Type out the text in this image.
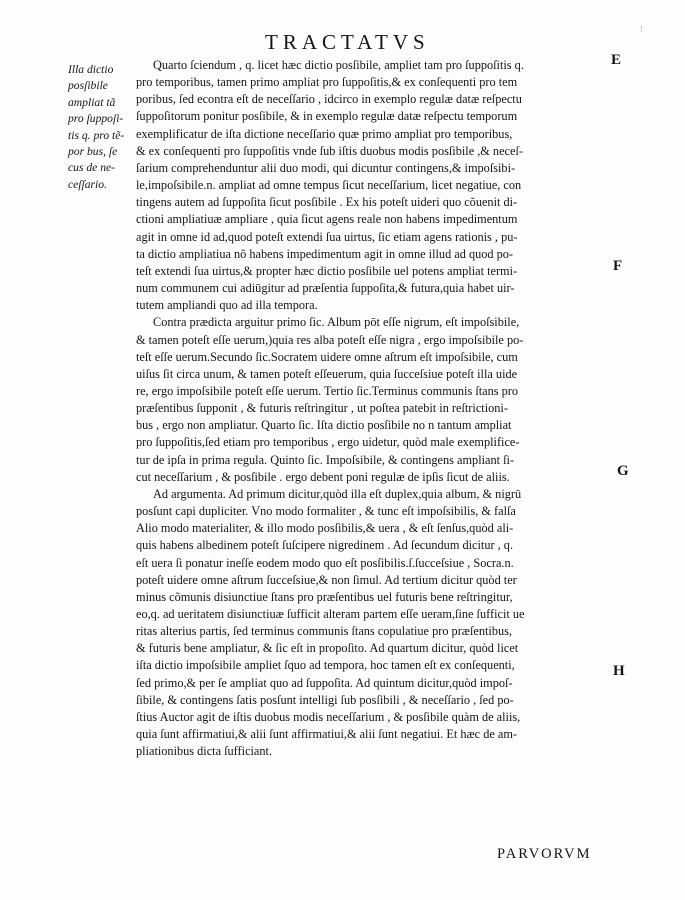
⁝
TRACTATVS
Illa dictio
posſibile
ampliat tã
pro ſuppoſi-
tis q. pro tẽ-
por bus, ſe
cus de ne-
ceſſario.
Quarto ſciendum , q. licet hæc dictio posſibile, ampliet tam pro ſuppoſitis q.
pro temporibus, tamen primo ampliat pro ſuppoſitis,& ex conſequenti pro tem
poribus, ſed econtra eſt de neceſſario , idcirco in exemplo regulæ datæ reſpectu
ſuppoſitorum ponitur posſibile, & in exemplo regulæ datæ reſpectu temporum
exemplificatur de iſta dictione neceſſario quæ primo ampliat pro temporibus,
& ex conſequenti pro ſuppoſitis vnde ſub iſtis duobus modis posſibile ,& neceſ-
ſarium comprehenduntur alii duo modi, qui dicuntur contingens,& impoſsibi-
le,impoſsibile.n. ampliat ad omne tempus ſicut neceſſarium, licet negatiue, con
tingens autem ad ſuppoſita ſicut posſibile . Ex his poteſt uideri quo cõuenit di-
ctioni ampliatiuæ ampliare , quia ſicut agens reale non habens impedimentum
agit in omne id ad,quod poteſt extendi ſua uirtus, ſic etiam agens rationis , pu-
ta dictio ampliatiua nõ habens impedimentum agit in omne illud ad quod po-
teſt extendi ſua uirtus,& propter hæc dictio posſibile uel potens ampliat termi-
num communem cui adiūgitur ad præſentia ſuppoſita,& futura,quia habet uir-
tutem ampliandi quo ad illa tempora.
Contra prædicta arguitur primo ſic. Album pōt eſſe nigrum, eſt impoſsibile,
& tamen poteſt eſſe uerum,)quia res alba poteſt eſſe nigra , ergo impoſsibile po-
teſt eſſe uerum.Secundo ſic.Socratem uidere omne aſtrum eſt impoſsibile, cum
uiſus ſit circa unum, & tamen poteſt eſſeuerum, quia ſucceſsiue poteſt illa uide
re, ergo impoſsibile poteſt eſſe uerum. Tertio ſic.Terminus communis ſtans pro
præſentibus ſupponit , & futuris reſtringitur , ut poſtea patebit in reſtrictioni-
bus , ergo non ampliatur. Quarto ſic. Iſta dictio posſibile no n tantum ampliat
pro ſuppoſitis,ſed etiam pro temporibus , ergo uidetur, quòd male exemplifice-
tur de ipſa in prima regula. Quinto ſic. Impoſsibile, & contingens ampliant ſi-
cut neceſſarium , & posſibile . ergo debent poni regulæ de ipſis ſicut de aliis.
Ad argumenta. Ad primum dicitur,quòd illa eſt duplex,quia album, & nigrū
posſunt capi dupliciter. Vno modo formaliter , & tunc eſt impoſsibilis, & falſa
Alio modo materialiter, & illo modo posſibilis,& uera , & eſt ſenſus,quòd ali-
quis habens albedinem poteſt ſuſcipere nigredinem . Ad ſecundum dicitur , q.
eſt uera ſi ponatur ineſſe eodem modo quo eſt posſibilis.ſ.ſucceſsiue , Socra.n.
poteſt uidere omne aſtrum ſucceſsiue,& non ſimul. Ad tertium dicitur quòd ter
minus cõmunis disiunctiue ſtans pro præſentibus uel futuris bene reſtringitur,
eo,q. ad ueritatem disiunctiuæ ſufficit alteram partem eſſe ueram,ſine ſufficit ue
ritas alterius partis, ſed terminus communis ſtans copulatiue pro præſentibus,
& futuris bene ampliatur, & ſic eſt in propoſito. Ad quartum dicitur, quòd licet
iſta dictio impoſsibile ampliet ſquo ad tempora, hoc tamen eſt ex conſequenti,
ſed primo,& per ſe ampliat quo ad ſuppoſita. Ad quintum dicitur,quòd impoſ-
ſibile, & contingens ſatis posſunt intelligi ſub posſibili , & neceſſario , ſed po-
ſtius Auctor agit de iſtis duobus modis neceſſarium , & posſibile quàm de aliis,
quia ſunt affirmatiui,& alii ſunt affirmatiui,& alii ſunt negatiui. Et hæc de am-
pliationibus dicta ſufficiant.
E
F
G
H
PARVORVM
